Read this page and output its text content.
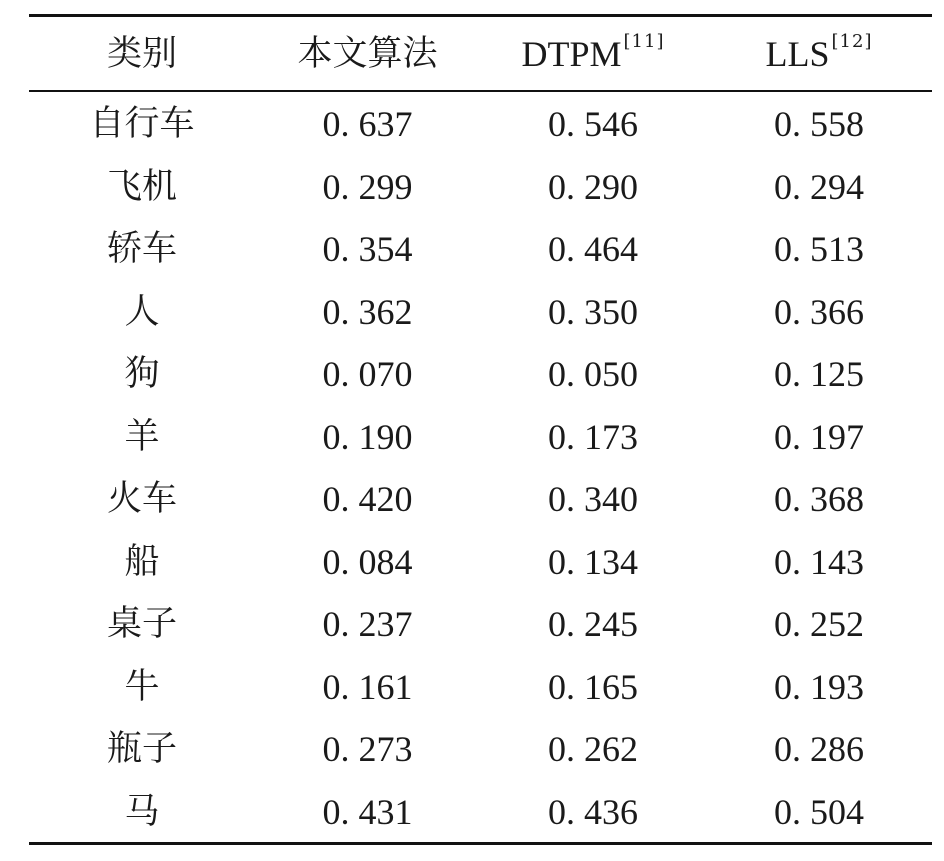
类别	本文算法	DTPM [11]	LLS [12]
自行车	0. 637	0. 546	0. 558
飞机	0. 299	0. 290	0. 294
轿车	0. 354	0. 464	0. 513
人	0. 362	0. 350	0. 366
狗	0. 070	0. 050	0. 125
羊	0. 190	0. 173	0. 197
火车	0. 420	0. 340	0. 368
船	0. 084	0. 134	0. 143
桌子	0. 237	0. 245	0. 252
牛	0. 161	0. 165	0. 193
瓶子	0. 273	0. 262	0. 286
马	0. 431	0. 436	0. 504
